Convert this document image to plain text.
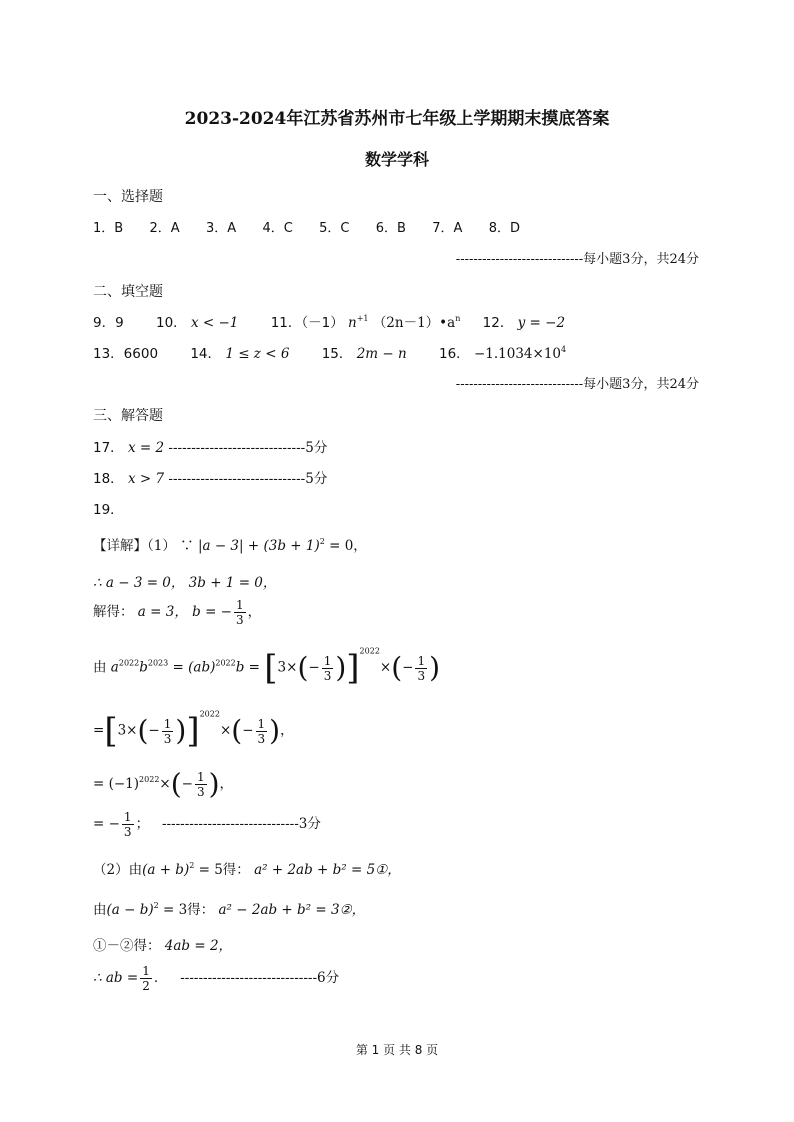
2023-2024年江苏省苏州市七年级上学期期末摸底答案
数学学科
一、选择题
1．B 2．A 3．A 4．C 5．C 6．B 7．A 8．D
-----------------------------每小题3分，共24分
二、填空题
9．9 10． x < −1 11．（－1） $n^{+1}$ $(2n-1)•a^n$ 12． y = −2
13．6600 14． 1 ≤ z < 6 15． 2m − n 16． $-1.1034\times 10^4$
-----------------------------每小题3分，共24分
三、解答题
17． x = 2 ------------------------------5分
18． x > 7 ------------------------------5分
19．
【详解】（1） ∵ $|a - 3| + (3b + 1)^2 = 0$，
∴ a − 3 = 0， 3b + 1 = 0，
解得： a = 3， b = − $\frac{1}{3}$ ，
由 $a^{2022}b^{2023} = (ab)^{2022}b = [3\times(- \frac{1}{3} )]^{2022}\times(- \frac{1}{3}$ )
$=[3\times(- \frac{1}{3} )]^{2022}\times(- \frac{1}{3}$ )，
= $(-1)^{2022}\times(- \frac{1}{3}$ )，
= − $\frac{1}{3}$ ； ------------------------------3分
（2）由$(a + b)^2 = 5$得： a² + 2ab + b² = 5①，
由$(a - b)^2 = 3$得： a² − 2ab + b² = 3②，
①－②得： 4ab = 2，
∴ ab = $\frac{1}{2}$ ． ------------------------------6分
第 1 页 共 8 页
